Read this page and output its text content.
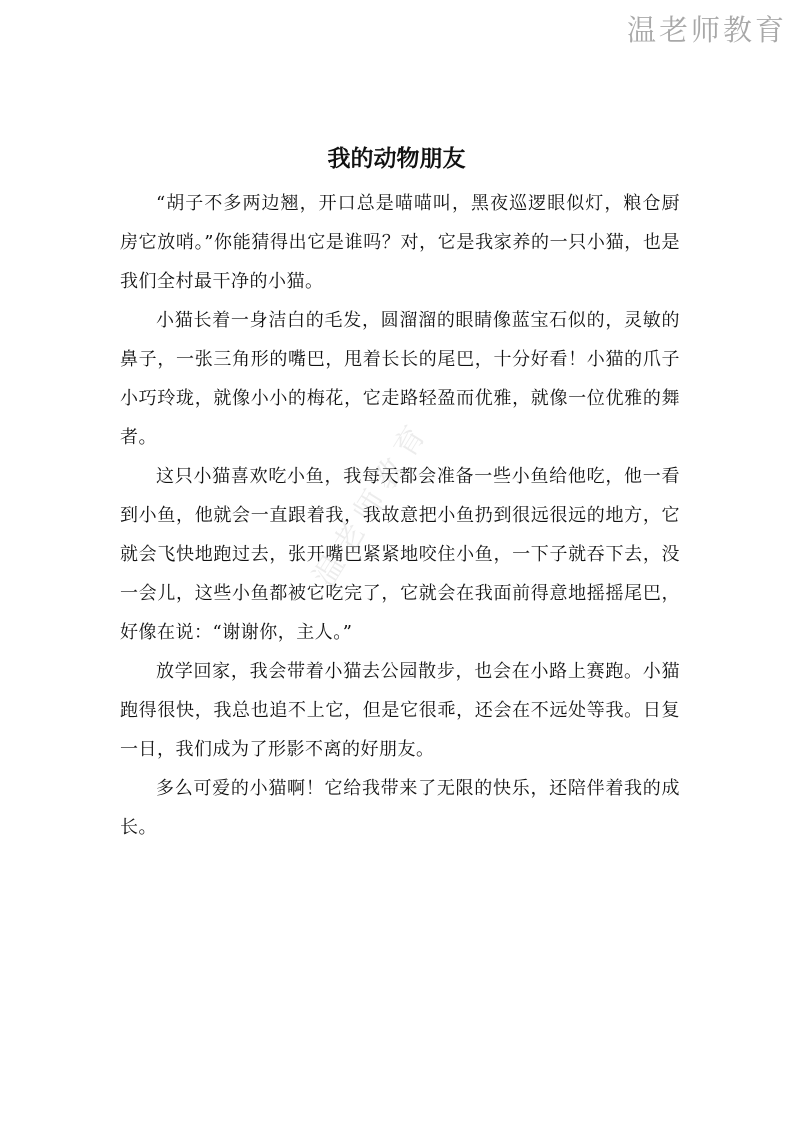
温老师教育
温老师教育
我的动物朋友

“胡子不多两边翘，开口总是喵喵叫，黑夜巡逻眼似灯，粮仓厨房它放哨。”你能猜得出它是谁吗？对，它是我家养的一只小猫，也是我们全村最干净的小猫。

小猫长着一身洁白的毛发，圆溜溜的眼睛像蓝宝石似的，灵敏的鼻子，一张三角形的嘴巴，甩着长长的尾巴，十分好看！小猫的爪子小巧玲珑，就像小小的梅花，它走路轻盈而优雅，就像一位优雅的舞者。

这只小猫喜欢吃小鱼，我每天都会准备一些小鱼给他吃，他一看到小鱼，他就会一直跟着我，我故意把小鱼扔到很远很远的地方，它就会飞快地跑过去，张开嘴巴紧紧地咬住小鱼，一下子就吞下去，没一会儿，这些小鱼都被它吃完了，它就会在我面前得意地摇摇尾巴，好像在说：“谢谢你，主人。”

放学回家，我会带着小猫去公园散步，也会在小路上赛跑。小猫跑得很快，我总也追不上它，但是它很乖，还会在不远处等我。日复一日，我们成为了形影不离的好朋友。

多么可爱的小猫啊！它给我带来了无限的快乐，还陪伴着我的成长。
